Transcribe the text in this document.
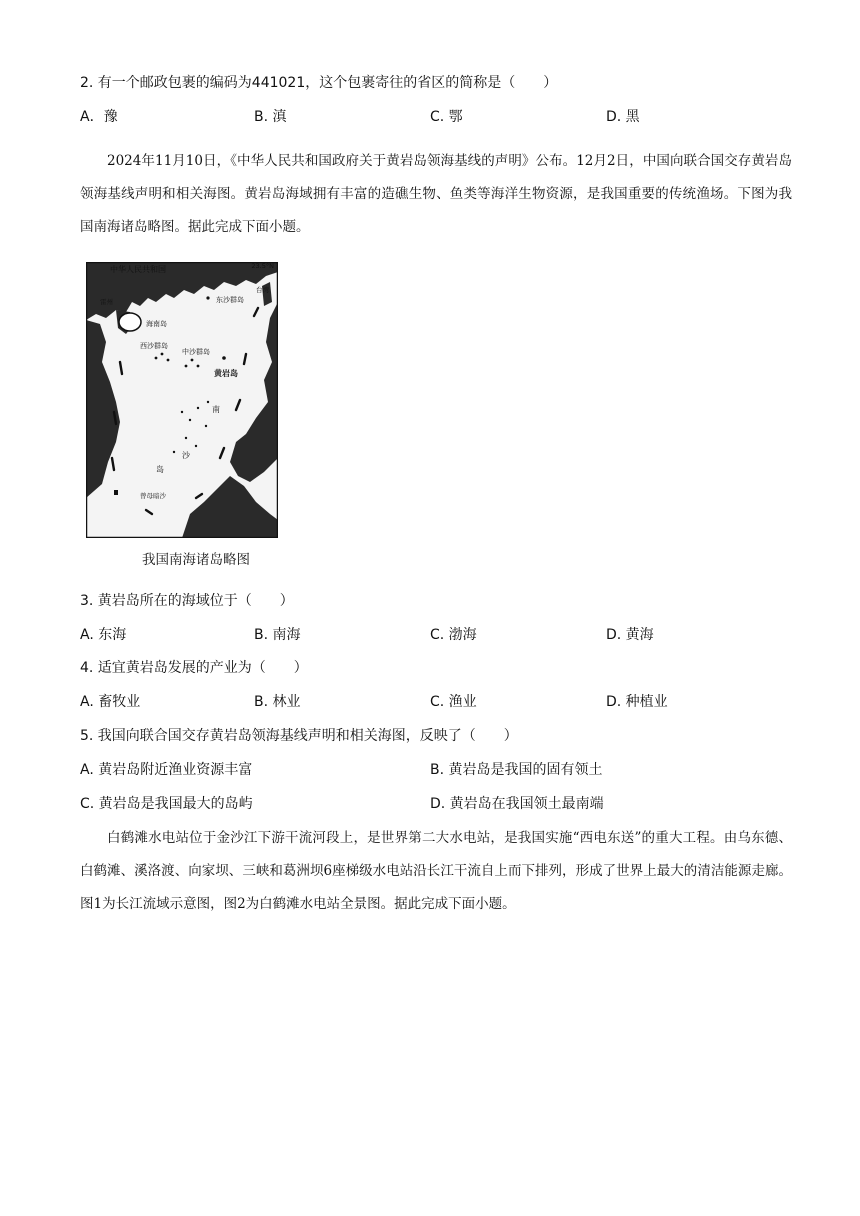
2. 有一个邮政包裹的编码为441021，这个包裹寄往的省区的简称是（　　）
A．豫	B. 滇	C. 鄂	D. 黑
2024年11月10日，《中华人民共和国政府关于黄岩岛领海基线的声明》公布。12月2日，中国向联合国交存黄岩岛领海基线声明和相关海图。黄岩岛海域拥有丰富的造礁生物、鱼类等海洋生物资源，是我国重要的传统渔场。下图为我国南海诸岛略图。据此完成下面小题。
中华人民共和国	23.5°N
雷州	东沙群岛
台湾
海南岛
西沙群岛
中沙群岛
黄岩岛
南
沙
岛
曾母暗沙
我国南海诸岛略图
3. 黄岩岛所在的海域位于（　　）
A. 东海	B. 南海	C. 渤海	D. 黄海
4. 适宜黄岩岛发展的产业为（　　）
A. 畜牧业	B. 林业	C. 渔业	D. 种植业
5. 我国向联合国交存黄岩岛领海基线声明和相关海图，反映了（　　）
A. 黄岩岛附近渔业资源丰富	B. 黄岩岛是我国的固有领土
C. 黄岩岛是我国最大的岛屿	D. 黄岩岛在我国领土最南端
白鹤滩水电站位于金沙江下游干流河段上，是世界第二大水电站，是我国实施“西电东送”的重大工程。由乌东德、白鹤滩、溪洛渡、向家坝、三峡和葛洲坝6座梯级水电站沿长江干流自上而下排列，形成了世界上最大的清洁能源走廊。图1为长江流域示意图，图2为白鹤滩水电站全景图。据此完成下面小题。
